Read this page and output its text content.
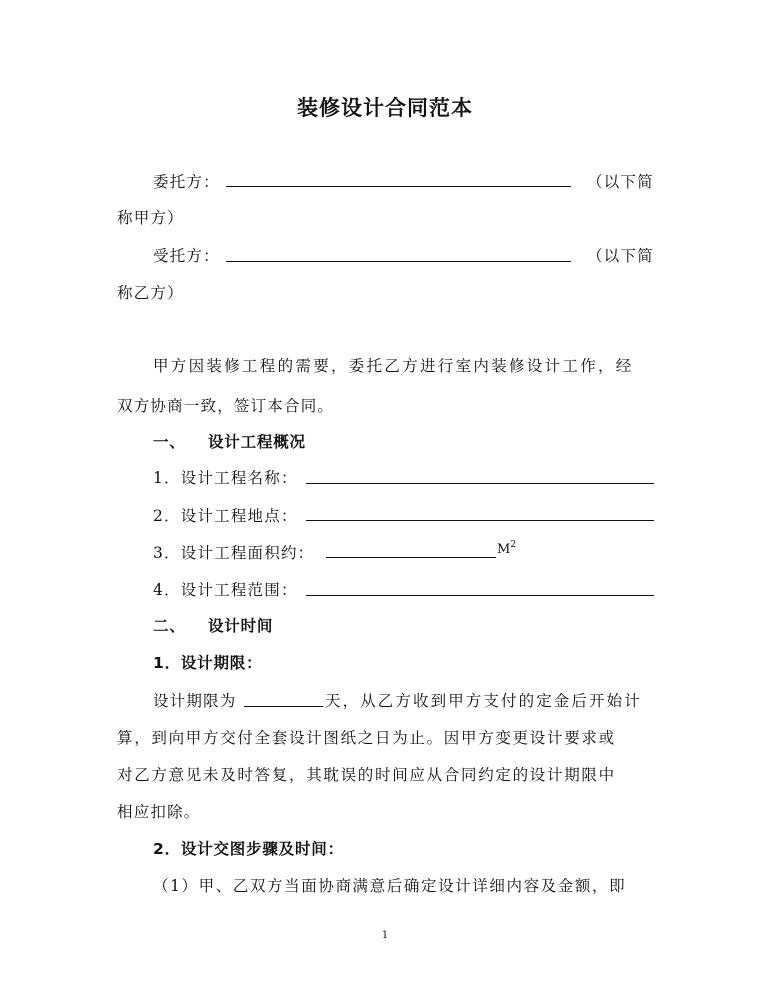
装修设计合同范本
委托方：	（以下简
称甲方）
受托方：	（以下简
称乙方）
甲方因装修工程的需要，委托乙方进行室内装修设计工作，经
双方协商一致，签订本合同。
一、 设计工程概况
1．设计工程名称：
2．设计工程地点：
3．设计工程面积约：	$M^2$
4．设计工程范围：
二、 设计时间
1．设计期限：
设计期限为	天，从乙方收到甲方支付的定金后开始计
算，到向甲方交付全套设计图纸之日为止。因甲方变更设计要求或
对乙方意见未及时答复，其耽误的时间应从合同约定的设计期限中
相应扣除。
2．设计交图步骤及时间：
（1）甲、乙双方当面协商满意后确定设计详细内容及金额，即
1
